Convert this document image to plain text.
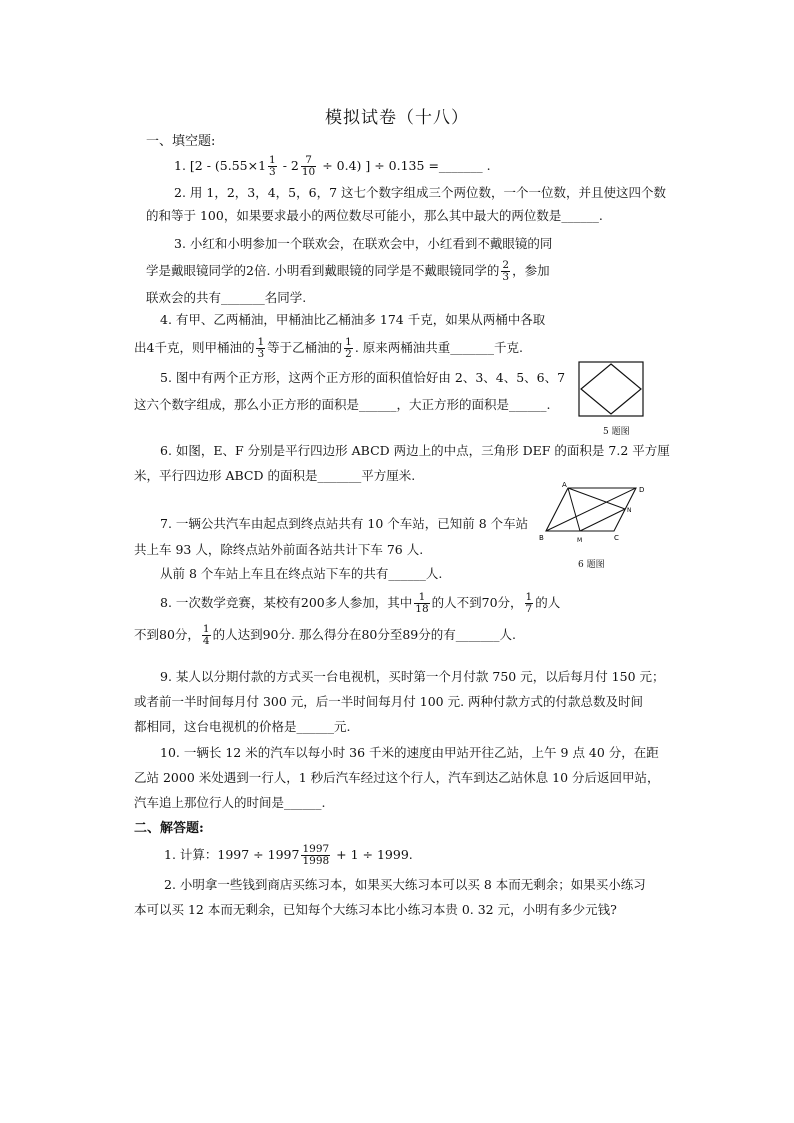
模拟试卷（十八）
一、填空题:
1. [$2 - (5.55\times 1 \frac{1}{3} - 2 \frac{7}{10} \div 0.4)$ ] ÷ 0.135 =_______ .
2. 用 1，2，3，4，5，6，7 这七个数字组成三个两位数，一个一位数，并且使这四个数
的和等于 100，如果要求最小的两位数尽可能小，那么其中最大的两位数是______.
3. 小红和小明参加一个联欢会，在联欢会中，小红看到不戴眼镜的同
学是戴眼镜同学的2倍. 小明看到戴眼镜的同学是不戴眼镜同学的 $\frac{2}{3}$ ，参加
联欢会的共有_______名同学.
4. 有甲、乙两桶油，甲桶油比乙桶油多 174 千克，如果从两桶中各取
出4千克，则甲桶油的 $\frac{1}{3}$ 等于乙桶油的 $\frac{1}{2}$ . 原来两桶油共重_______千克.
5. 图中有两个正方形，这两个正方形的面积值恰好由 2、3、4、5、6、7
这六个数字组成，那么小正方形的面积是______，大正方形的面积是______.
5 题图
6. 如图，E、F 分别是平行四边形 ABCD 两边上的中点，三角形 DEF 的面积是 7.2 平方厘
米，平行四边形 ABCD 的面积是_______平方厘米.
A
D
B	C
M
N
6 题图
7. 一辆公共汽车由起点到终点站共有 10 个车站，已知前 8 个车站
共上车 93 人，除终点站外前面各站共计下车 76 人.
从前 8 个车站上车且在终点站下车的共有______人.
8. 一次数学竞赛，某校有200多人参加，其中 $\frac{1}{18}$ 的人不到70分， $\frac{1}{7}$ 的人
不到80分， $\frac{1}{4}$ 的人达到90分. 那么得分在80分至89分的有_______人.
9. 某人以分期付款的方式买一台电视机，买时第一个月付款 750 元，以后每月付 150 元；
或者前一半时间每月付 300 元，后一半时间每月付 100 元. 两种付款方式的付款总数及时间
都相同，这台电视机的价格是______元.
10. 一辆长 12 米的汽车以每小时 36 千米的速度由甲站开往乙站，上午 9 点 40 分，在距
乙站 2000 米处遇到一行人，1 秒后汽车经过这个行人，汽车到达乙站休息 10 分后返回甲站，
汽车追上那位行人的时间是______.
二、解答题:
1. 计算：$1997 \div 1997 \frac{1997}{1998} + 1 \div 1999$.
2. 小明拿一些钱到商店买练习本，如果买大练习本可以买 8 本而无剩余；如果买小练习
本可以买 12 本而无剩余，已知每个大练习本比小练习本贵 0. 32 元，小明有多少元钱?
